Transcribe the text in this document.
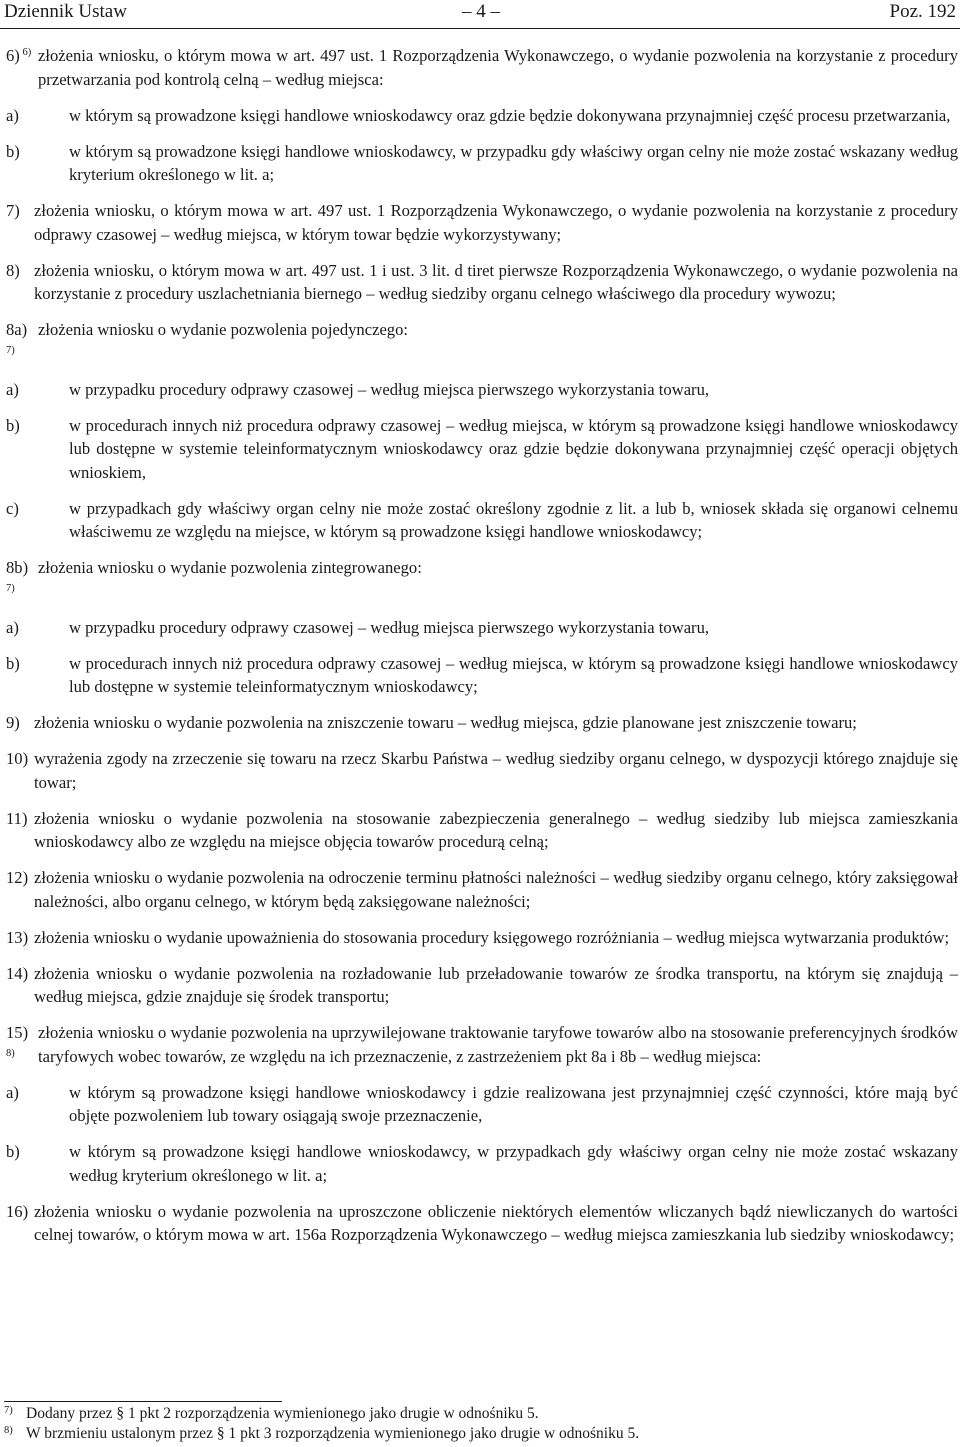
Dziennik Ustaw	– 4 –	Poz. 192
6) $^{6)}$ złożenia wniosku, o którym mowa w art. 497 ust. 1 Rozporządzenia Wykonawczego, o wydanie pozwolenia na korzystanie z procedury przetwarzania pod kontrolą celną – według miejsca:
a)	w którym są prowadzone księgi handlowe wnioskodawcy oraz gdzie będzie dokonywana przynajmniej część procesu przetwarzania,
b)	w którym są prowadzone księgi handlowe wnioskodawcy, w przypadku gdy właściwy organ celny nie może zostać wskazany według kryterium określonego w lit. a;
7) złożenia wniosku, o którym mowa w art. 497 ust. 1 Rozporządzenia Wykonawczego, o wydanie pozwolenia na korzystanie z procedury odprawy czasowej – według miejsca, w którym towar będzie wykorzystywany;
8) złożenia wniosku, o którym mowa w art. 497 ust. 1 i ust. 3 lit. d tiret pierwsze Rozporządzenia Wykonawczego, o wydanie pozwolenia na korzystanie z procedury uszlachetniania biernego – według siedziby organu celnego właściwego dla procedury wywozu;
8a) $^{7)}$
złożenia wniosku o wydanie pozwolenia pojedynczego:
a)	w przypadku procedury odprawy czasowej – według miejsca pierwszego wykorzystania towaru,
b)	w procedurach innych niż procedura odprawy czasowej – według miejsca, w którym są prowadzone księgi handlowe wnioskodawcy lub dostępne w systemie teleinformatycznym wnioskodawcy oraz gdzie będzie dokonywana przynajmniej część operacji objętych wnioskiem,
c)	w przypadkach gdy właściwy organ celny nie może zostać określony zgodnie z lit. a lub b, wniosek składa się organowi celnemu właściwemu ze względu na miejsce, w którym są prowadzone księgi handlowe wnioskodawcy;
8b) $^{7)}$
złożenia wniosku o wydanie pozwolenia zintegrowanego:
a)	w przypadku procedury odprawy czasowej – według miejsca pierwszego wykorzystania towaru,
b)	w procedurach innych niż procedura odprawy czasowej – według miejsca, w którym są prowadzone księgi handlowe wnioskodawcy lub dostępne w systemie teleinformatycznym wnioskodawcy;
9) złożenia wniosku o wydanie pozwolenia na zniszczenie towaru – według miejsca, gdzie planowane jest zniszczenie towaru;
10) wyrażenia zgody na zrzeczenie się towaru na rzecz Skarbu Państwa – według siedziby organu celnego, w dyspozycji którego znajduje się towar;
11) złożenia wniosku o wydanie pozwolenia na stosowanie zabezpieczenia generalnego – według siedziby lub miejsca zamieszkania wnioskodawcy albo ze względu na miejsce objęcia towarów procedurą celną;
12) złożenia wniosku o wydanie pozwolenia na odroczenie terminu płatności należności – według siedziby organu celnego, który zaksięgował należności, albo organu celnego, w którym będą zaksięgowane należności;
13) złożenia wniosku o wydanie upoważnienia do stosowania procedury księgowego rozróżniania – według miejsca wytwarzania produktów;
14) złożenia wniosku o wydanie pozwolenia na rozładowanie lub przeładowanie towarów ze środka transportu, na którym się znajdują – według miejsca, gdzie znajduje się środek transportu;
15) $^{8)}$
złożenia wniosku o wydanie pozwolenia na uprzywilejowane traktowanie taryfowe towarów albo na stosowanie preferencyjnych środków taryfowych wobec towarów, ze względu na ich przeznaczenie, z zastrzeżeniem pkt 8a i 8b – według miejsca:
a)	w którym są prowadzone księgi handlowe wnioskodawcy i gdzie realizowana jest przynajmniej część czynności, które mają być objęte pozwoleniem lub towary osiągają swoje przeznaczenie,
b)	w którym są prowadzone księgi handlowe wnioskodawcy, w przypadkach gdy właściwy organ celny nie może zostać wskazany według kryterium określonego w lit. a;
16) złożenia wniosku o wydanie pozwolenia na uproszczone obliczenie niektórych elementów wliczanych bądź niewliczanych do wartości celnej towarów, o którym mowa w art. 156a Rozporządzenia Wykonawczego – według miejsca zamieszkania lub siedziby wnioskodawcy;
7) Dodany przez § 1 pkt 2 rozporządzenia wymienionego jako drugie w odnośniku 5.
8) W brzmieniu ustalonym przez § 1 pkt 3 rozporządzenia wymienionego jako drugie w odnośniku 5.
